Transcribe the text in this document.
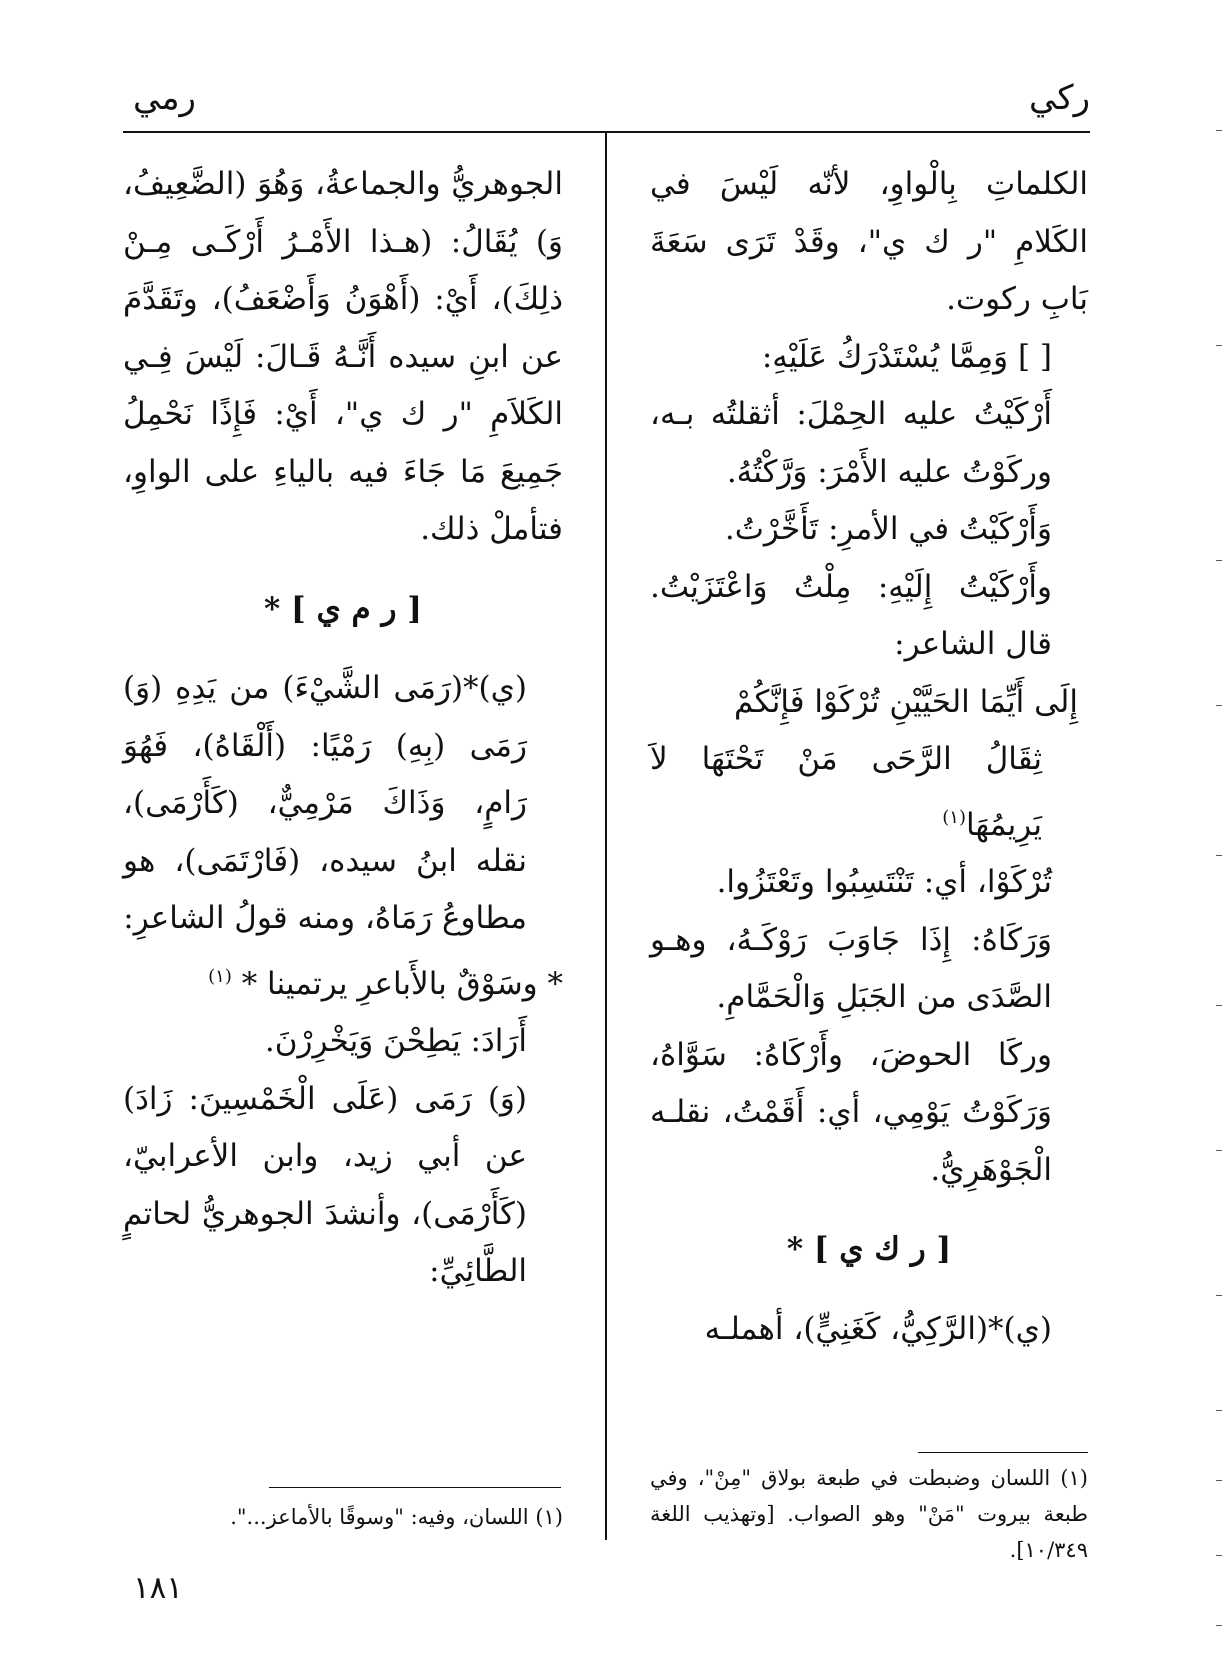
ركي
رمي

الكلماتِ بِالْواوِ، لأنّه لَيْسَ في الكَلامِ "ر ك ي"، وقَدْ تَرَى سَعَةَ بَابِ ركوت.

[ ] وَمِمَّا يُسْتَدْرَكُ عَلَيْهِ:

أَرْكَيْتُ عليه الحِمْلَ: أثقلتُه بـه، وركَوْتُ عليه الأَمْرَ: وَرَّكْتُهُ.

وَأَرْكَيْتُ في الأمرِ: تَأَخَّرْتُ.

وأَرْكَيْتُ إِلَيْهِ: مِلْتُ وَاعْتَزَيْتُ. قال الشاعر:

إِلَى أَيِّمَا الحَيَّيْنِ تُرْكَوْا فَإِنَّكُمْ

ثِقَالُ الرَّحَى مَنْ تَحْتَهَا لاَ يَرِيمُهَا$^{(١)}$

تُرْكَوْا، أي: تَنْتَسِبُوا وتَعْتَزُوا.

وَرَكَاهُ: إِذَا جَاوَبَ رَوْكَـهُ، وهـو الصَّدَى من الجَبَلِ وَالْحَمَّامِ.

وركَا الحوضَ، وأَرْكَاهُ: سَوَّاهُ، وَرَكَوْتُ يَوْمِي، أي: أَقَمْتُ، نقلـه الْجَوْهَرِيُّ.

[ ر ك ي ] *

(ي)*(الرَّكِيُّ، كَغَنِيٍّ)، أهملـه

الجوهريُّ والجماعةُ، وَهُوَ (الضَّعِيفُ، وَ) يُقَالُ: (هـذا الأَمْـرُ أَرْكَـى مِـنْ ذلِكَ)، أَيْ: (أَهْوَنُ وَأَضْعَفُ)، وتَقَدَّمَ عن ابنِ سيده أَنَّـهُ قَـالَ: لَيْسَ فِـي الكَلاَمِ "ر ك ي"، أَيْ: فَإِذًا نَحْمِلُ جَمِيعَ مَا جَاءَ فيه بالياءِ على الواوِ، فتأملْ ذلك.

[ ر م ي ] *

(ي)*(رَمَى الشَّيْءَ) من يَدِهِ (وَ) رَمَى (بِهِ) رَمْيًا: (أَلْقَاهُ)، فَهُوَ رَامٍ، وَذَاكَ مَرْمِيٌّ، (كَأَرْمَى)، نقله ابنُ سيده، (فَارْتَمَى)، هو مطاوعُ رَمَاهُ، ومنه قولُ الشاعرِ:

* وسَوْقٌ بالأَباعرِ يرتمينا * $^{(١)}$

أَرَادَ: يَطِحْنَ وَيَخْرِرْنَ.

(وَ) رَمَى (عَلَى الْخَمْسِينَ: زَادَ) عن أبي زيد، وابن الأعرابيّ، (كَأَرْمَى)، وأنشدَ الجوهريُّ لحاتمٍ الطَّائِيِّ:

(١) اللسان وضبطت في طبعة بولاق "مِنْ"، وفي طبعة بيروت "مَنْ" وهو الصواب. [وتهذيب اللغة ١٠/٣٤٩].
(١) اللسان، وفيه: "وسوقًا بالأماعز...".
١٨١
